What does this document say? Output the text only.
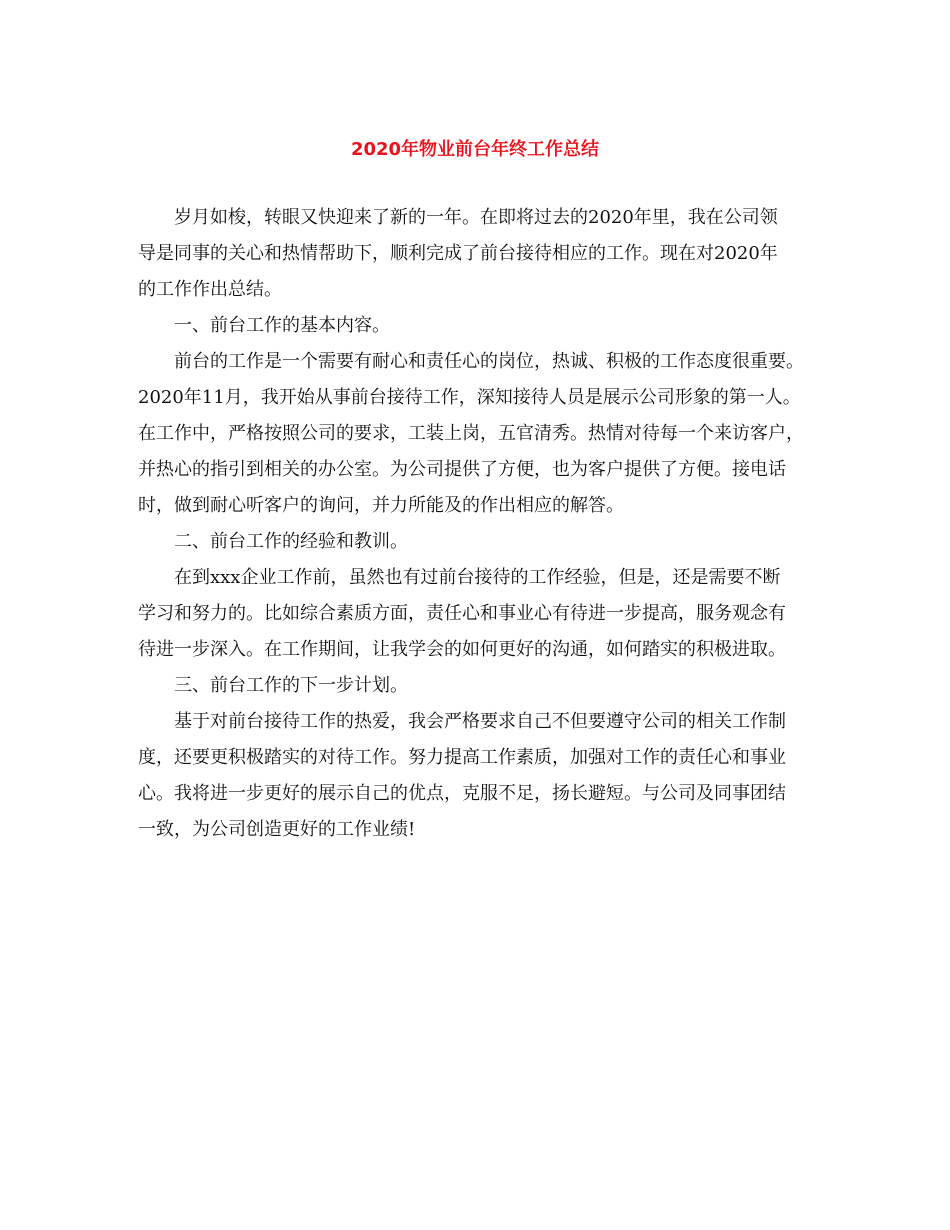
2020年物业前台年终工作总结

岁月如梭，转眼又快迎来了新的一年。在即将过去的2020年里，我在公司领
导是同事的关心和热情帮助下，顺利完成了前台接待相应的工作。现在对2020年
的工作作出总结。

一、前台工作的基本内容。

前台的工作是一个需要有耐心和责任心的岗位，热诚、积极的工作态度很重要。
2020年11月，我开始从事前台接待工作，深知接待人员是展示公司形象的第一人。
在工作中，严格按照公司的要求，工装上岗，五官清秀。热情对待每一个来访客户，
并热心的指引到相关的办公室。为公司提供了方便，也为客户提供了方便。接电话
时，做到耐心听客户的询问，并力所能及的作出相应的解答。

二、前台工作的经验和教训。

在到xxx企业工作前，虽然也有过前台接待的工作经验，但是，还是需要不断
学习和努力的。比如综合素质方面，责任心和事业心有待进一步提高，服务观念有
待进一步深入。在工作期间，让我学会的如何更好的沟通，如何踏实的积极进取。

三、前台工作的下一步计划。

基于对前台接待工作的热爱，我会严格要求自己不但要遵守公司的相关工作制
度，还要更积极踏实的对待工作。努力提高工作素质，加强对工作的责任心和事业
心。我将进一步更好的展示自己的优点，克服不足，扬长避短。与公司及同事团结
一致，为公司创造更好的工作业绩!
